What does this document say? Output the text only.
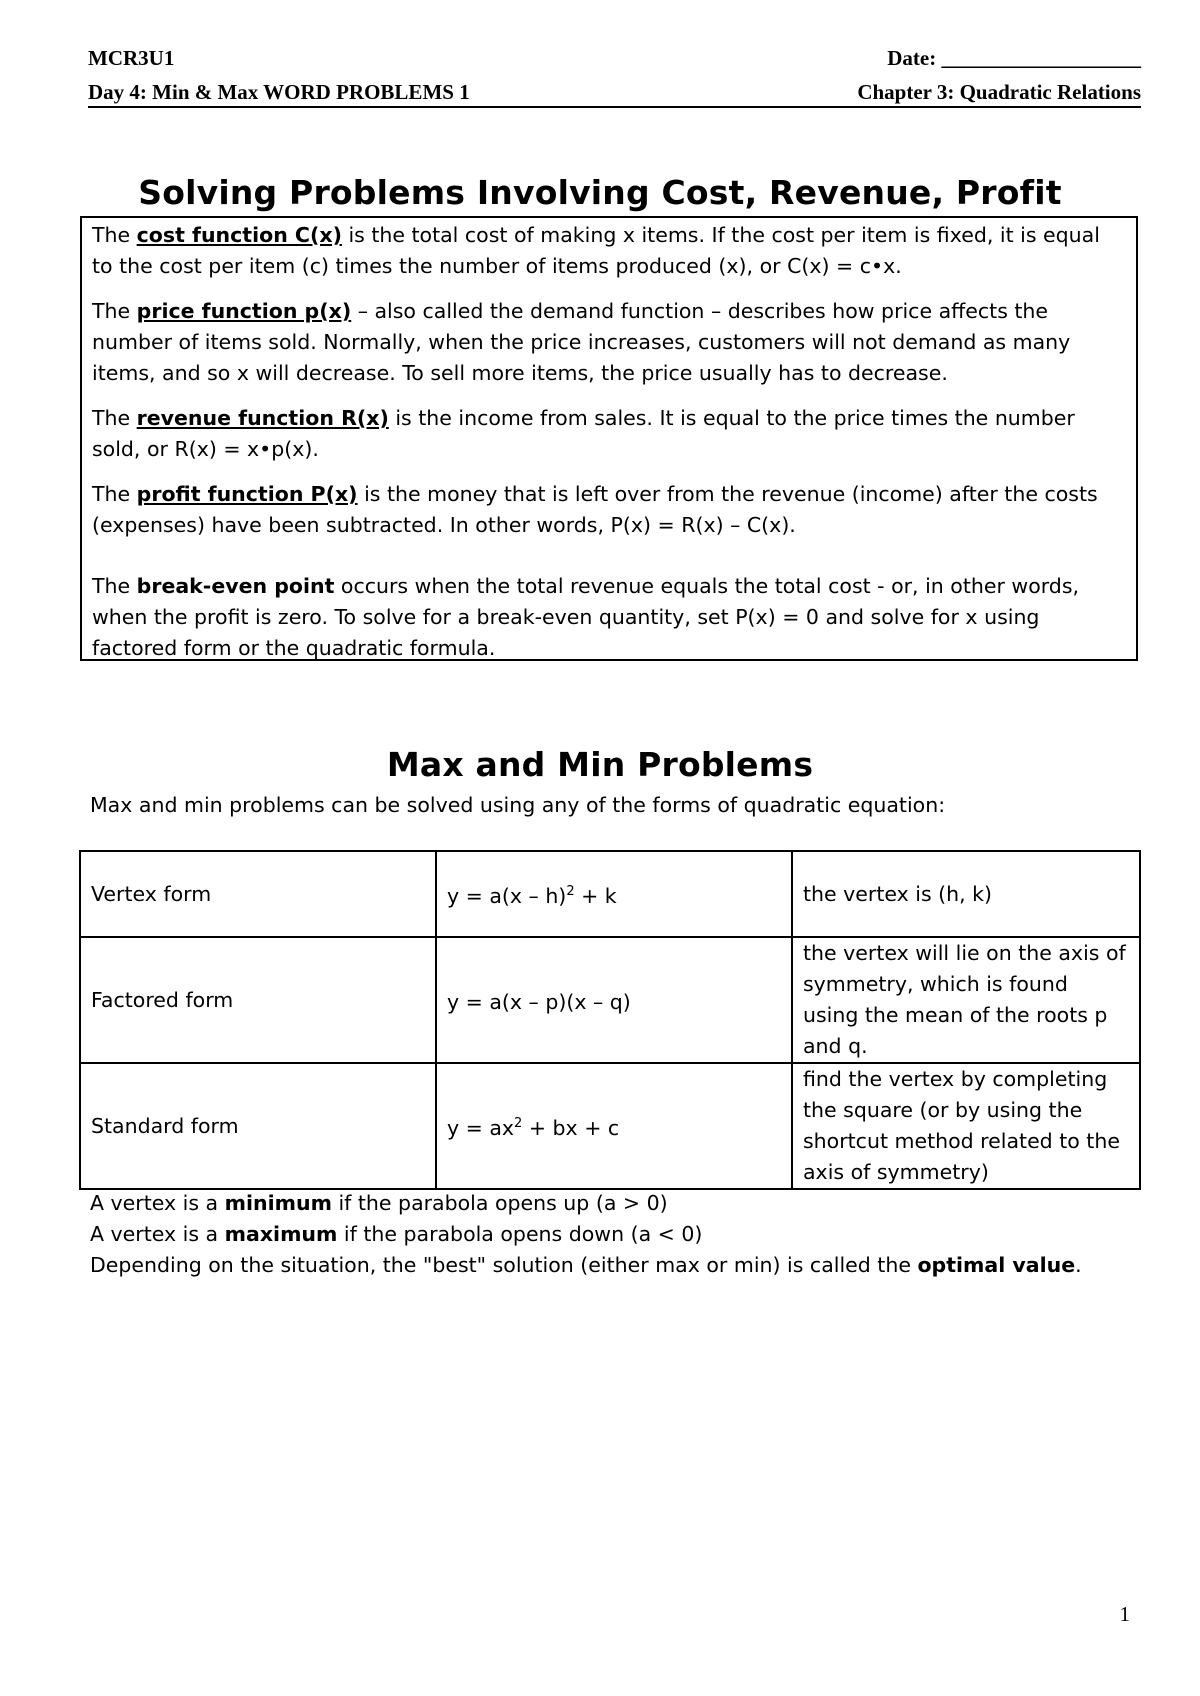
MCR3U1	Date: ___________________
Day 4: Min & Max WORD PROBLEMS 1	Chapter 3: Quadratic Relations
Solving Problems Involving Cost, Revenue, Profit

The cost function C(x) is the total cost of making x items. If the cost per item is fixed, it is equal to the cost per item (c) times the number of items produced (x), or C(x) = c•x.

The price function p(x) – also called the demand function – describes how price affects the number of items sold. Normally, when the price increases, customers will not demand as many items, and so x will decrease. To sell more items, the price usually has to decrease.

The revenue function R(x) is the income from sales. It is equal to the price times the number sold, or R(x) = x•p(x).

The profit function P(x) is the money that is left over from the revenue (income) after the costs (expenses) have been subtracted. In other words, P(x) = R(x) – C(x).

The break-even point occurs when the total revenue equals the total cost - or, in other words, when the profit is zero. To solve for a break-even quantity, set P(x) = 0 and solve for x using factored form or the quadratic formula.

Max and Min Problems
Max and min problems can be solved using any of the forms of quadratic equation:
Vertex form	y = a(x – h)$^2$ + k	the vertex is (h, k)
Factored form	y = a(x – p)(x – q)	the vertex will lie on the axis of symmetry, which is found using the mean of the roots p and q.
Standard form	$y = ax^2$ + bx + c	find the vertex by completing the square (or by using the shortcut method related to the axis of symmetry)
A vertex is a minimum if the parabola opens up (a > 0)
A vertex is a maximum if the parabola opens down (a < 0)
Depending on the situation, the "best" solution (either max or min) is called the optimal value.
1
